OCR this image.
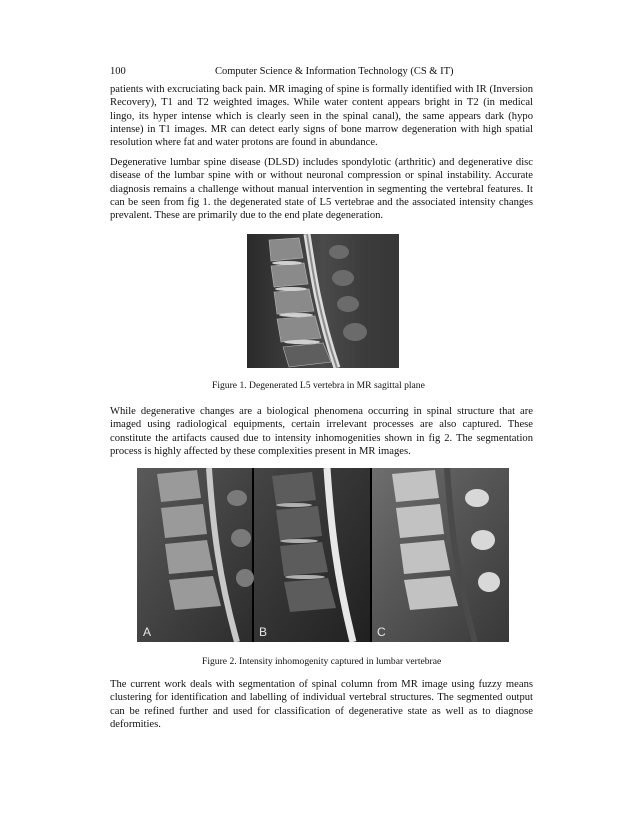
100	Computer Science & Information Technology (CS & IT)

patients with excruciating back pain. MR imaging of spine is formally identified with IR (Inversion Recovery), T1 and T2 weighted images. While water content appears bright in T2 (in medical lingo, its hyper intense which is clearly seen in the spinal canal), the same appears dark (hypo intense) in T1 images. MR can detect early signs of bone marrow degeneration with high spatial resolution where fat and water protons are found in abundance.

Degenerative lumbar spine disease (DLSD) includes spondylotic (arthritic) and degenerative disc disease of the lumbar spine with or without neuronal compression or spinal instability. Accurate diagnosis remains a challenge without manual intervention in segmenting the vertebral features. It can be seen from fig 1. the degenerated state of L5 vertebrae and the associated intensity changes prevalent. These are primarily due to the end plate degeneration.

Figure 1. Degenerated L5 vertebra in MR sagittal plane

While degenerative changes are a biological phenomena occurring in spinal structure that are imaged using radiological equipments, certain irrelevant processes are also captured. These constitute the artifacts caused due to intensity inhomogenities shown in fig 2. The segmentation process is highly affected by these complexities present in MR images.

A	B	C
Figure 2. Intensity inhomogenity captured in lumbar vertebrae

The current work deals with segmentation of spinal column from MR image using fuzzy means clustering for identification and labelling of individual vertebral structures. The segmented output can be refined further and used for classification of degenerative state as well as to diagnose deformities.
